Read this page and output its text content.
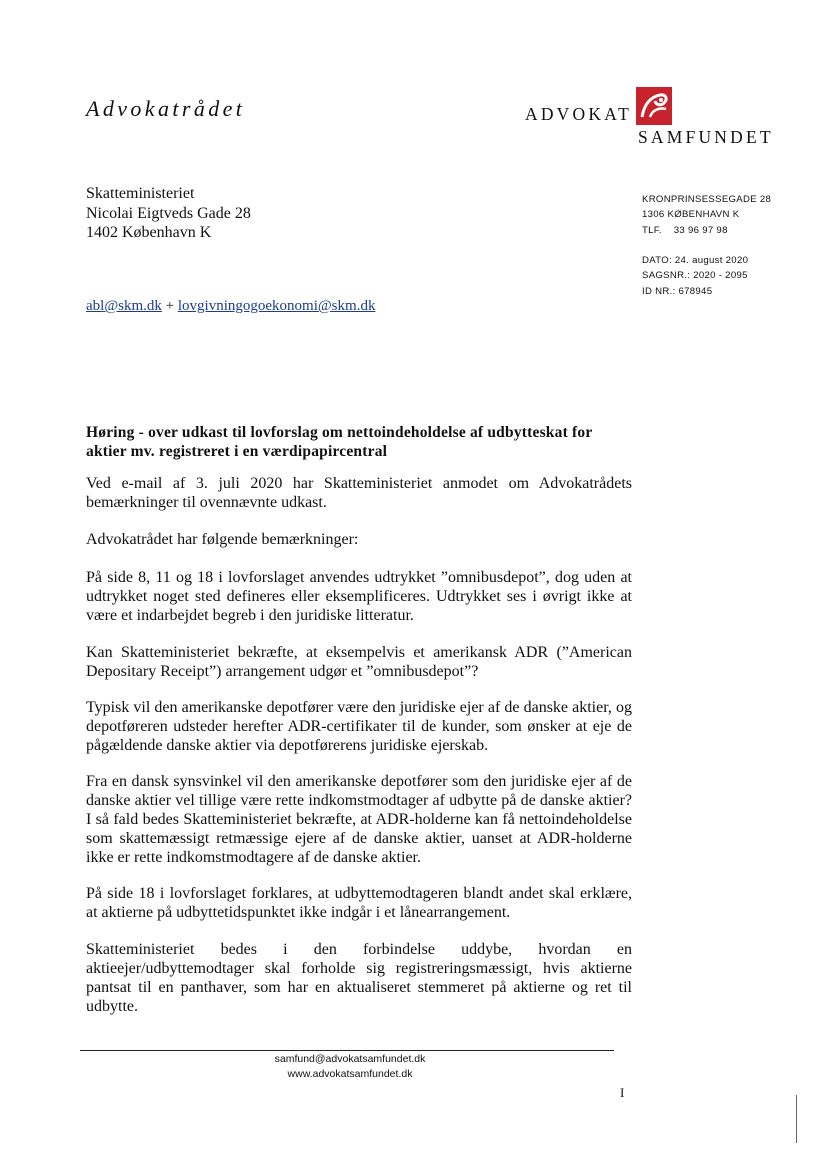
Advokatrådet	ADVOKAT
SAMFUNDET
Skatteministeriet
Nicolai Eigtveds Gade 28
1402 København K
KRONPRINSESSEGADE 28
1306 KØBENHAVN K
TLF.    33 96 97 98
DATO: 24. august 2020
SAGSNR.: 2020 - 2095
ID NR.: 678945
abl@skm.dk + lovgivningogoekonomi@skm.dk
Høring - over udkast til lovforslag om nettoindeholdelse af udbytteskat for aktier mv. registreret i en værdipapircentral
Ved e-mail af 3. juli 2020 har Skatteministeriet anmodet om Advokatrådets bemærkninger til ovennævnte udkast.
Advokatrådet har følgende bemærkninger:
På side 8, 11 og 18 i lovforslaget anvendes udtrykket ”omnibusdepot”, dog uden at udtrykket noget sted defineres eller eksemplificeres. Udtrykket ses i øvrigt ikke at være et indarbejdet begreb i den juridiske litteratur.
Kan Skatteministeriet bekræfte, at eksempelvis et amerikansk ADR (”American Depositary Receipt”) arrangement udgør et ”omnibusdepot”?
Typisk vil den amerikanske depotfører være den juridiske ejer af de danske aktier, og depotføreren udsteder herefter ADR-certifikater til de kunder, som ønsker at eje de pågældende danske aktier via depotførerens juridiske ejerskab.
Fra en dansk synsvinkel vil den amerikanske depotfører som den juridiske ejer af de danske aktier vel tillige være rette indkomstmodtager af udbytte på de danske aktier? I så fald bedes Skatteministeriet bekræfte, at ADR-holderne kan få nettoindeholdelse som skattemæssigt retmæssige ejere af de danske aktier, uanset at ADR-holderne ikke er rette indkomstmodtagere af de danske aktier.
På side 18 i lovforslaget forklares, at udbyttemodtageren blandt andet skal erklære, at aktierne på udbyttetidspunktet ikke indgår i et lånearrangement.
Skatteministeriet bedes i den forbindelse uddybe, hvordan en aktieejer/udbyttemodtager skal forholde sig registreringsmæssigt, hvis aktierne pantsat til en panthaver, som har en aktualiseret stemmeret på aktierne og ret til udbytte.
samfund@advokatsamfundet.dk
www.advokatsamfundet.dk
I
